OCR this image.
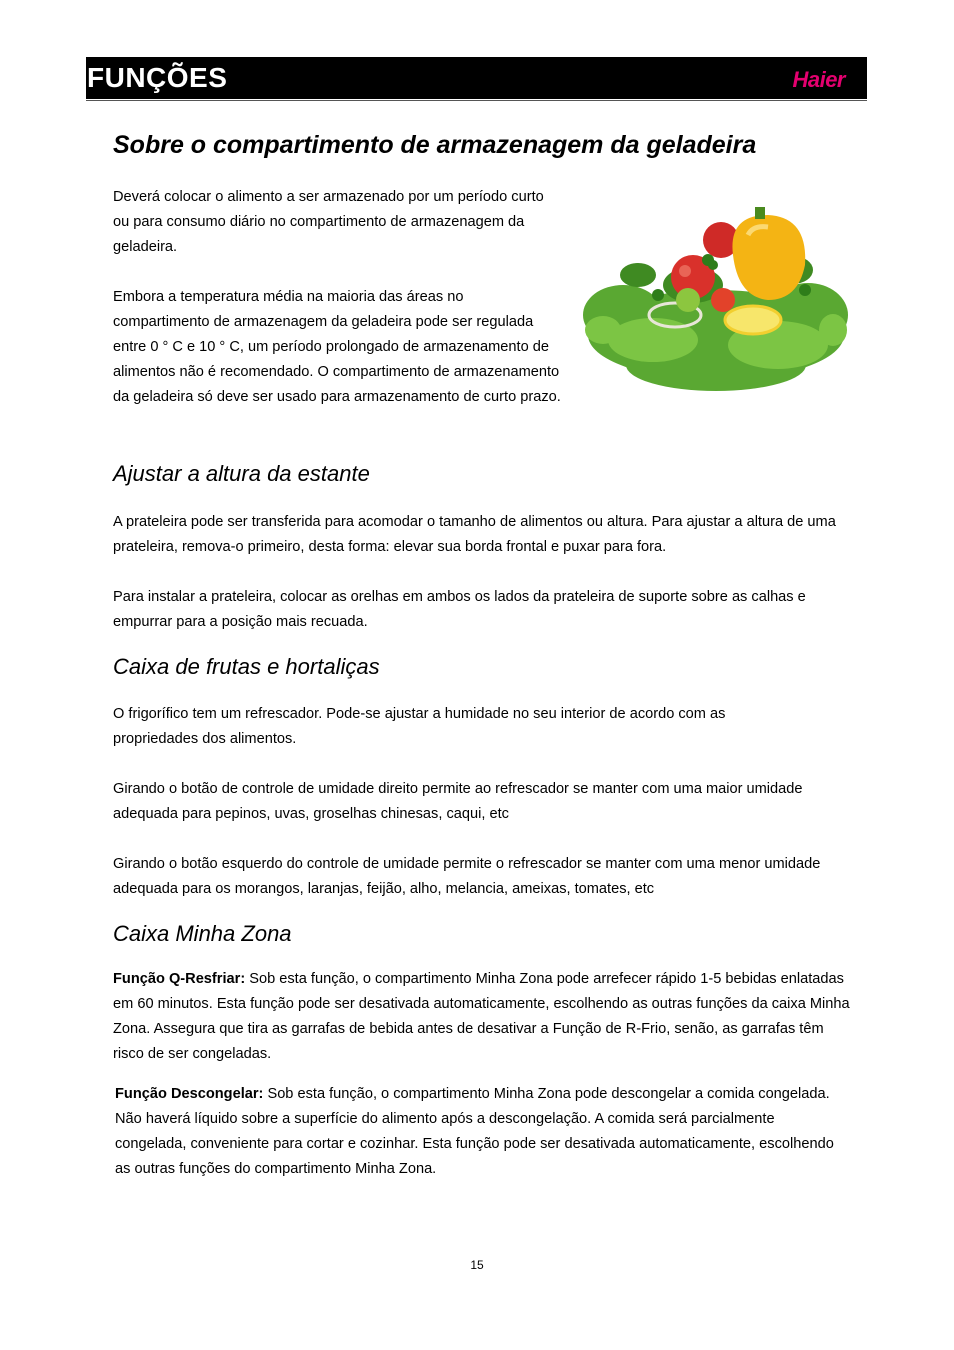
FUNÇÕES	Haier
Sobre o compartimento de armazenagem da geladeira

Deverá colocar o alimento a ser armazenado por um período curto ou para consumo diário no compartimento de armazenagem da geladeira.

Embora a temperatura média na maioria das áreas no compartimento de armazenagem da geladeira pode ser regulada entre 0 ° C e 10 ° C, um período prolongado de armazenamento de alimentos não é recomendado. O compartimento de armazenamento da geladeira só deve ser usado para armazenamento de curto prazo.

Ajustar a altura da estante

A prateleira pode ser transferida para acomodar o tamanho de alimentos ou altura. Para ajustar a altura de uma prateleira, remova-o primeiro, desta forma: elevar sua borda frontal e puxar para fora.

Para instalar a prateleira, colocar as orelhas em ambos os lados da prateleira de suporte sobre as calhas e empurrar para a posição mais recuada.

Caixa de frutas e hortaliças

O frigorífico tem um refrescador. Pode-se ajustar a humidade no seu interior de acordo com as propriedades dos alimentos.

Girando o botão de controle de umidade direito permite ao refrescador se manter com uma maior umidade adequada para pepinos, uvas, groselhas chinesas, caqui, etc

Girando o botão esquerdo do controle de umidade permite o refrescador se manter com uma menor umidade adequada para os morangos, laranjas, feijão, alho, melancia, ameixas, tomates, etc

Caixa Minha Zona

Função Q-Resfriar: Sob esta função, o compartimento Minha Zona pode arrefecer rápido 1-5 bebidas enlatadas em 60 minutos. Esta função pode ser desativada automaticamente, escolhendo as outras funções da caixa Minha Zona. Assegura que tira as garrafas de bebida antes de desativar a Função de R-Frio, senão, as garrafas têm risco de ser congeladas.

Função Descongelar: Sob esta função, o compartimento Minha Zona pode descongelar a comida congelada. Não haverá líquido sobre a superfície do alimento após a descongelação. A comida será parcialmente congelada, conveniente para cortar e cozinhar. Esta função pode ser desativada automaticamente, escolhendo as outras funções do compartimento Minha Zona.

15
